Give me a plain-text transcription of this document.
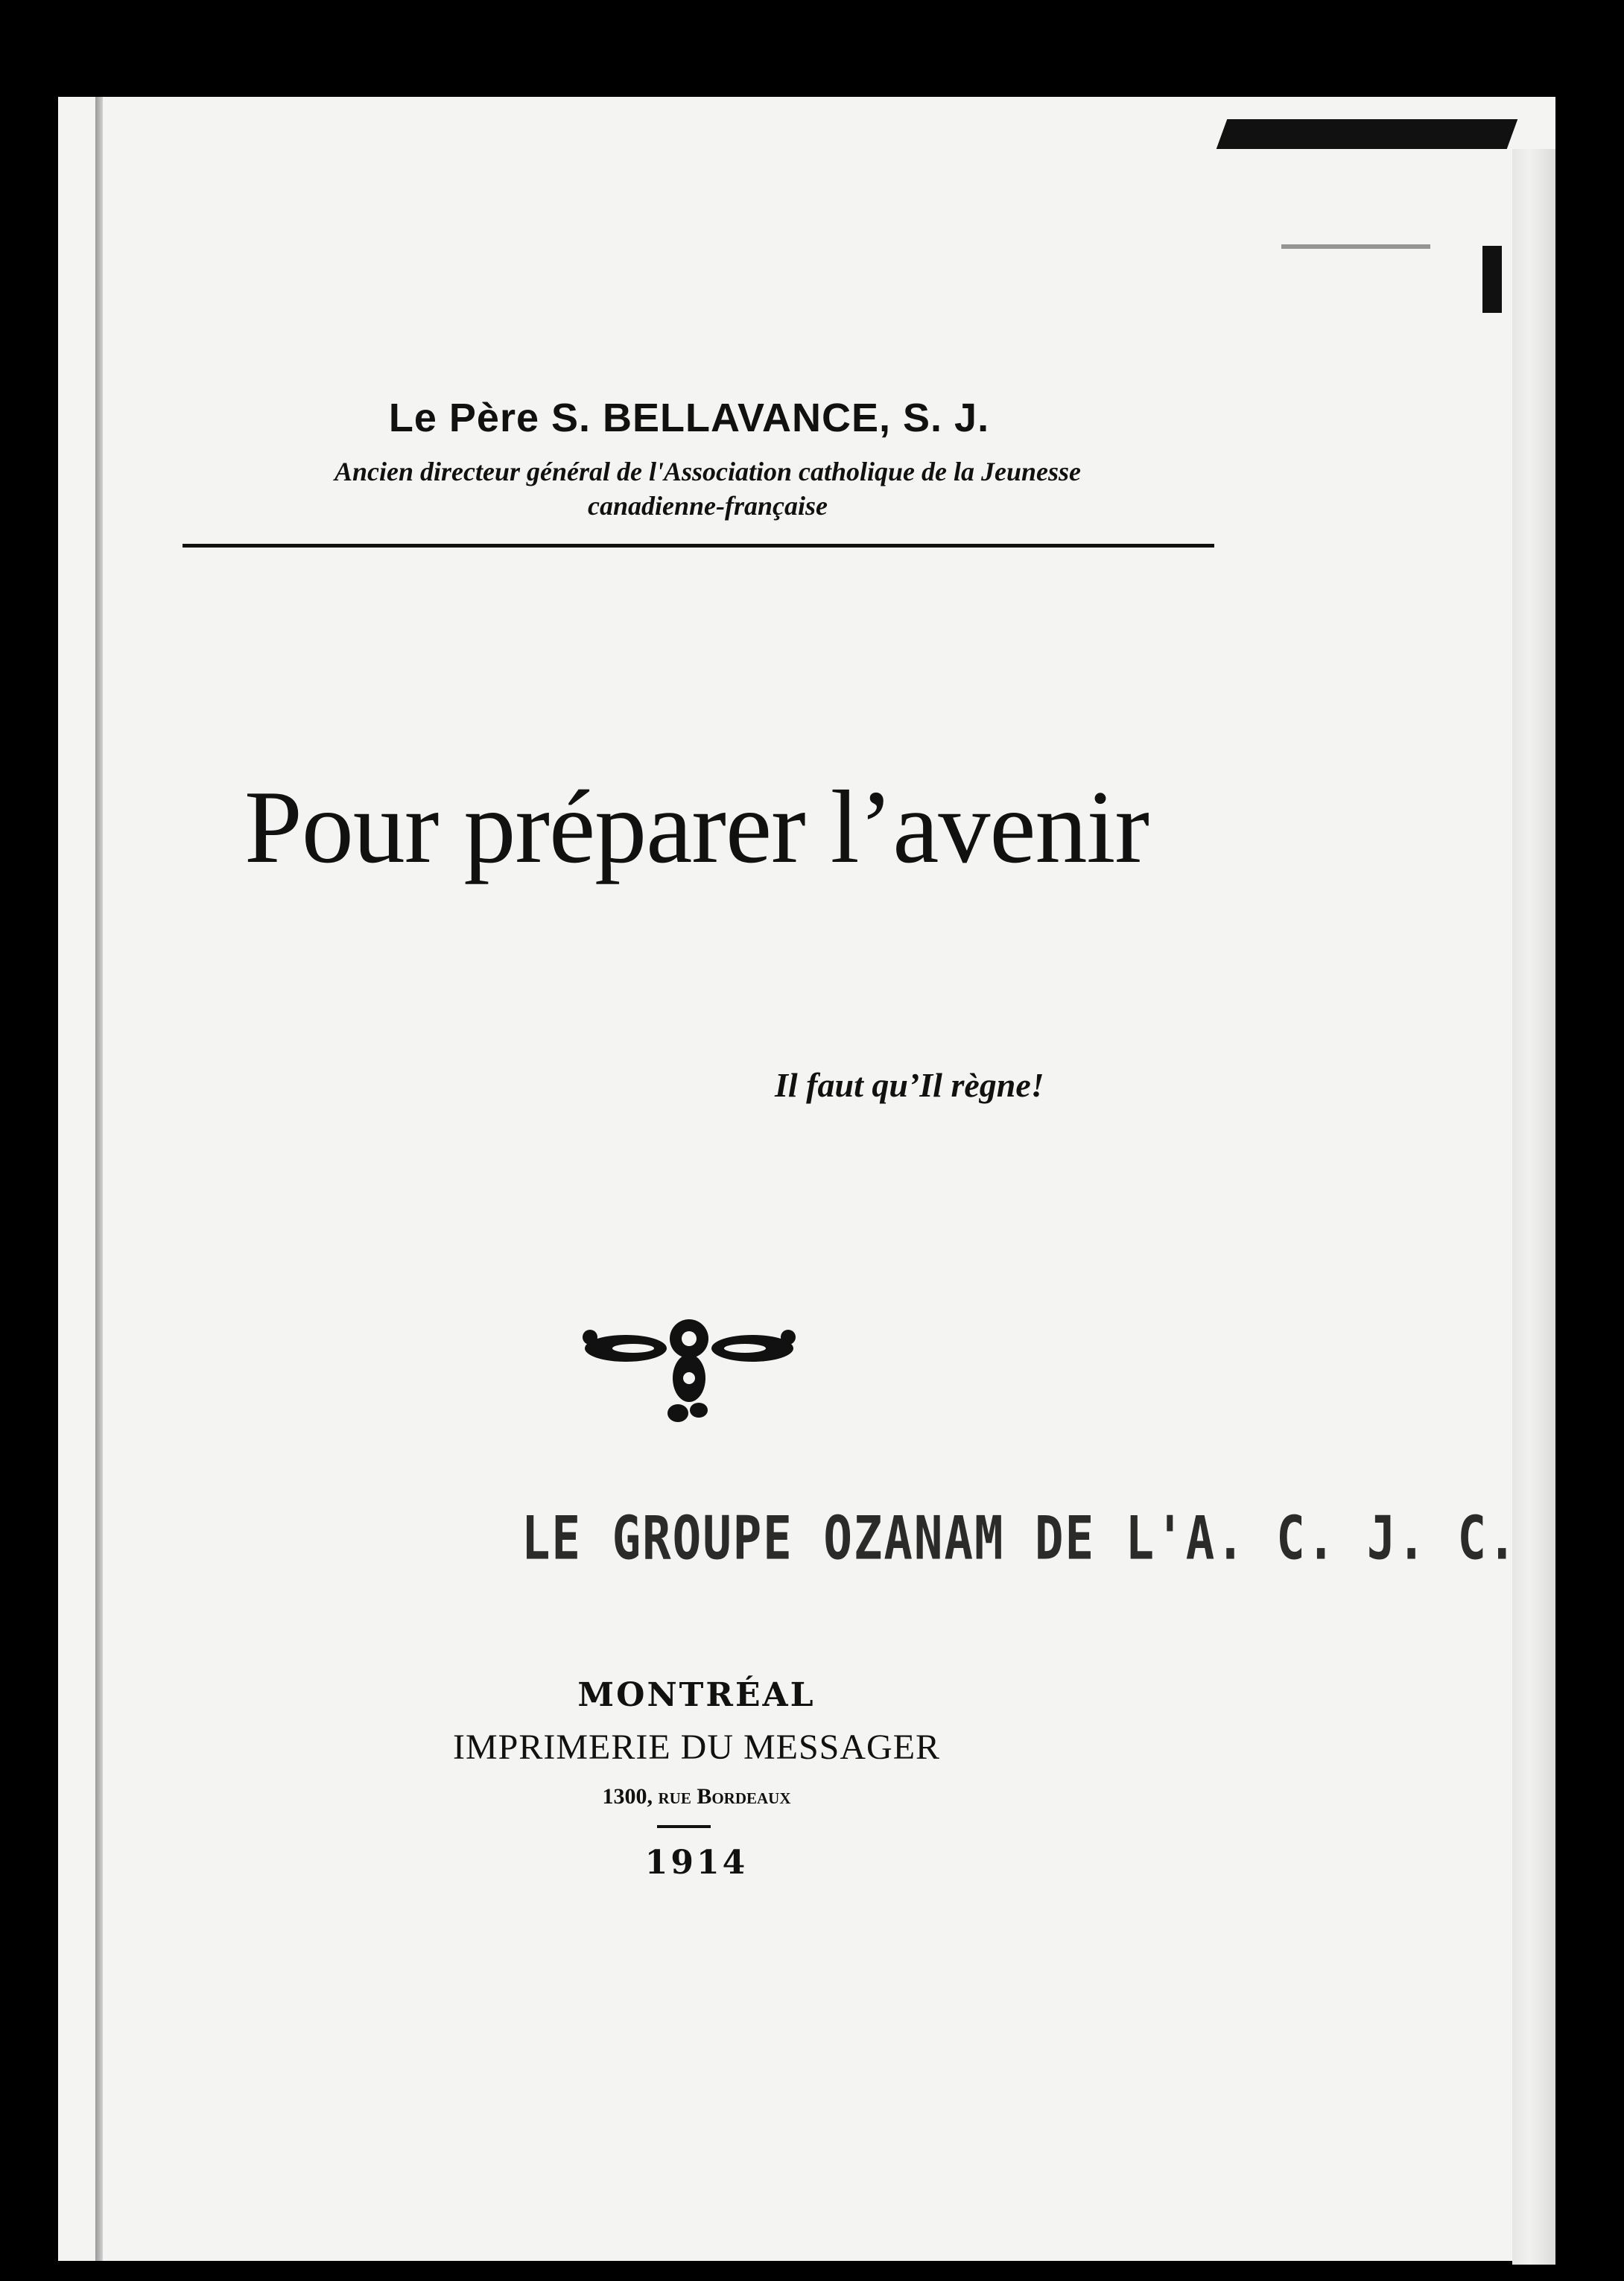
Le Père S. BELLAVANCE, S. J.
Ancien directeur général de l'Association catholique de la Jeunesse canadienne-française
Pour préparer l’avenir
Il faut qu’Il règne!
LE GROUPE OZANAM DE L'A. C. J. C.
MONTRÉAL
IMPRIMERIE DU MESSAGER
1300, rue Bordeaux
1914
